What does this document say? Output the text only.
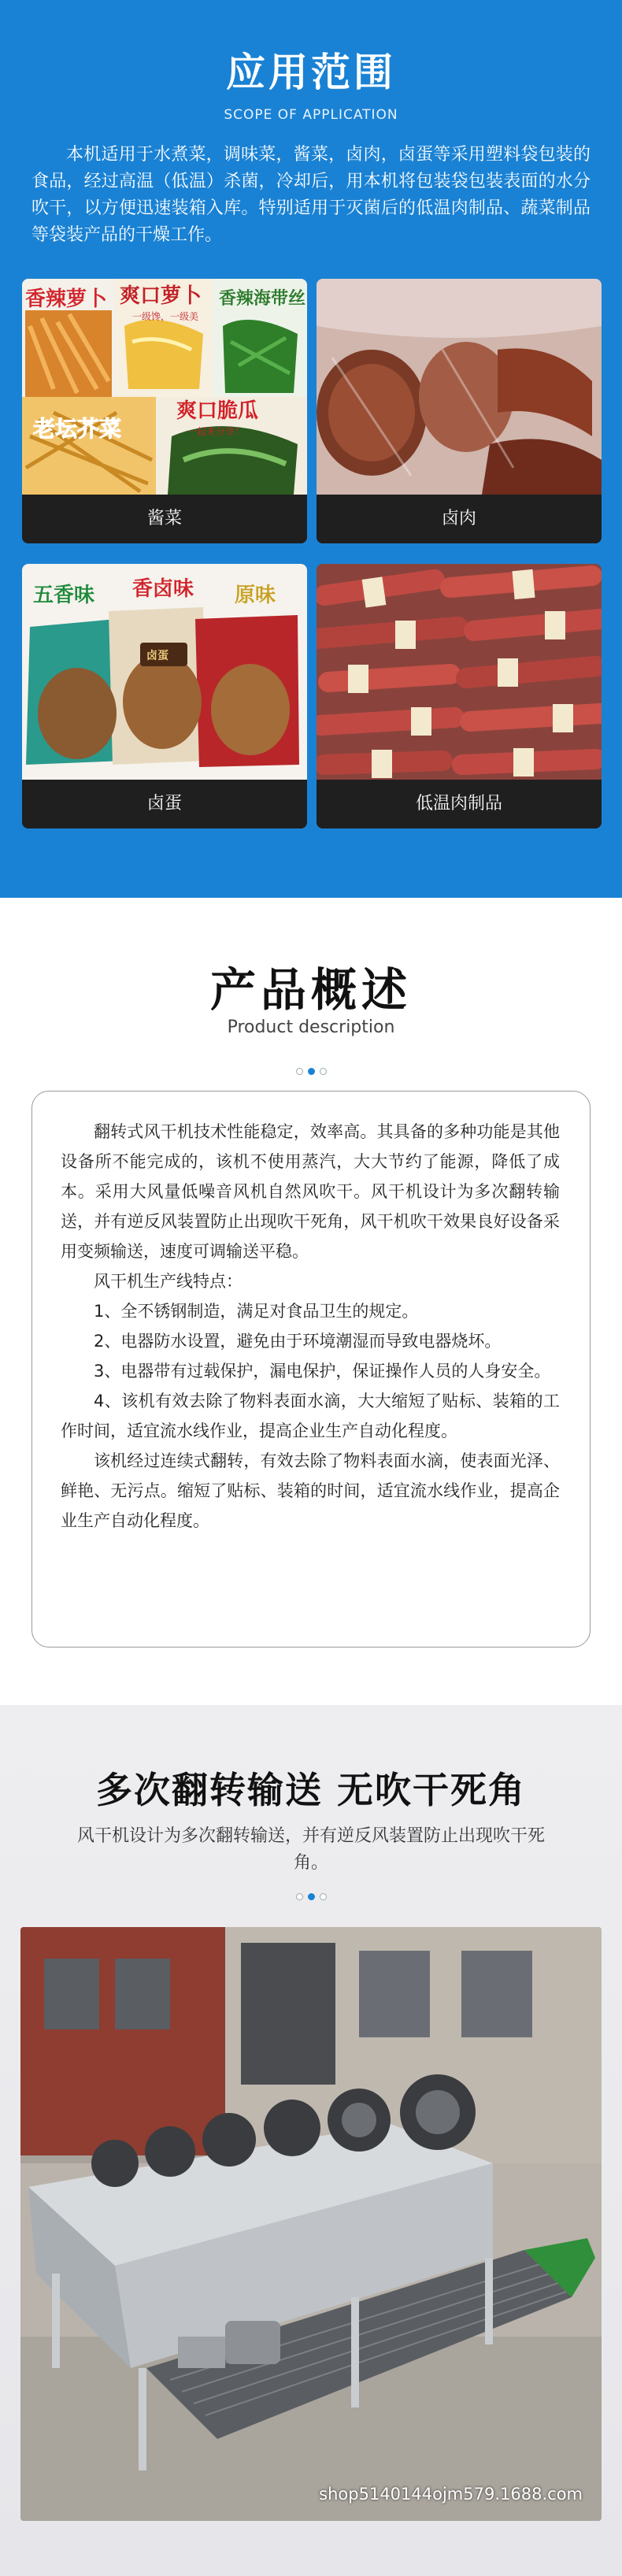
应用范围
SCOPE OF APPLICATION

本机适用于水煮菜，调味菜，酱菜，卤肉，卤蛋等采用塑料袋包装的食品，经过高温（低温）杀菌，冷却后，用本机将包装袋包装表面的水分吹干，以方便迅速装箱入库。特别适用于灭菌后的低温肉制品、蔬菜制品等袋装产品的干燥工作。

香辣萝卜 爽口萝卜
一级馋，一级美
香辣海带丝
老坛芥菜
爽口脆瓜
一起来分享！
酱菜	卤肉
五香味 香卤味 原味
卤蛋
卤蛋	低温肉制品
产品概述
Product description

翻转式风干机技术性能稳定，效率高。其具备的多种功能是其他设备所不能完成的，该机不使用蒸汽，大大节约了能源，降低了成本。采用大风量低噪音风机自然风吹干。风干机设计为多次翻转输送，并有逆反风装置防止出现吹干死角，风干机吹干效果良好设备采用变频输送，速度可调输送平稳。

风干机生产线特点：

1、全不锈钢制造，满足对食品卫生的规定。

2、电器防水设置，避免由于环境潮湿而导致电器烧坏。

3、电器带有过载保护，漏电保护，保证操作人员的人身安全。

4、该机有效去除了物料表面水滴，大大缩短了贴标、装箱的工作时间，适宜流水线作业，提高企业生产自动化程度。

该机经过连续式翻转，有效去除了物料表面水滴，使表面光泽、鲜艳、无污点。缩短了贴标、装箱的时间，适宜流水线作业，提高企业生产自动化程度。

多次翻转输送 无吹干死角

风干机设计为多次翻转输送，并有逆反风装置防止出现吹干死角。

shop5140144ojm579.1688.com
